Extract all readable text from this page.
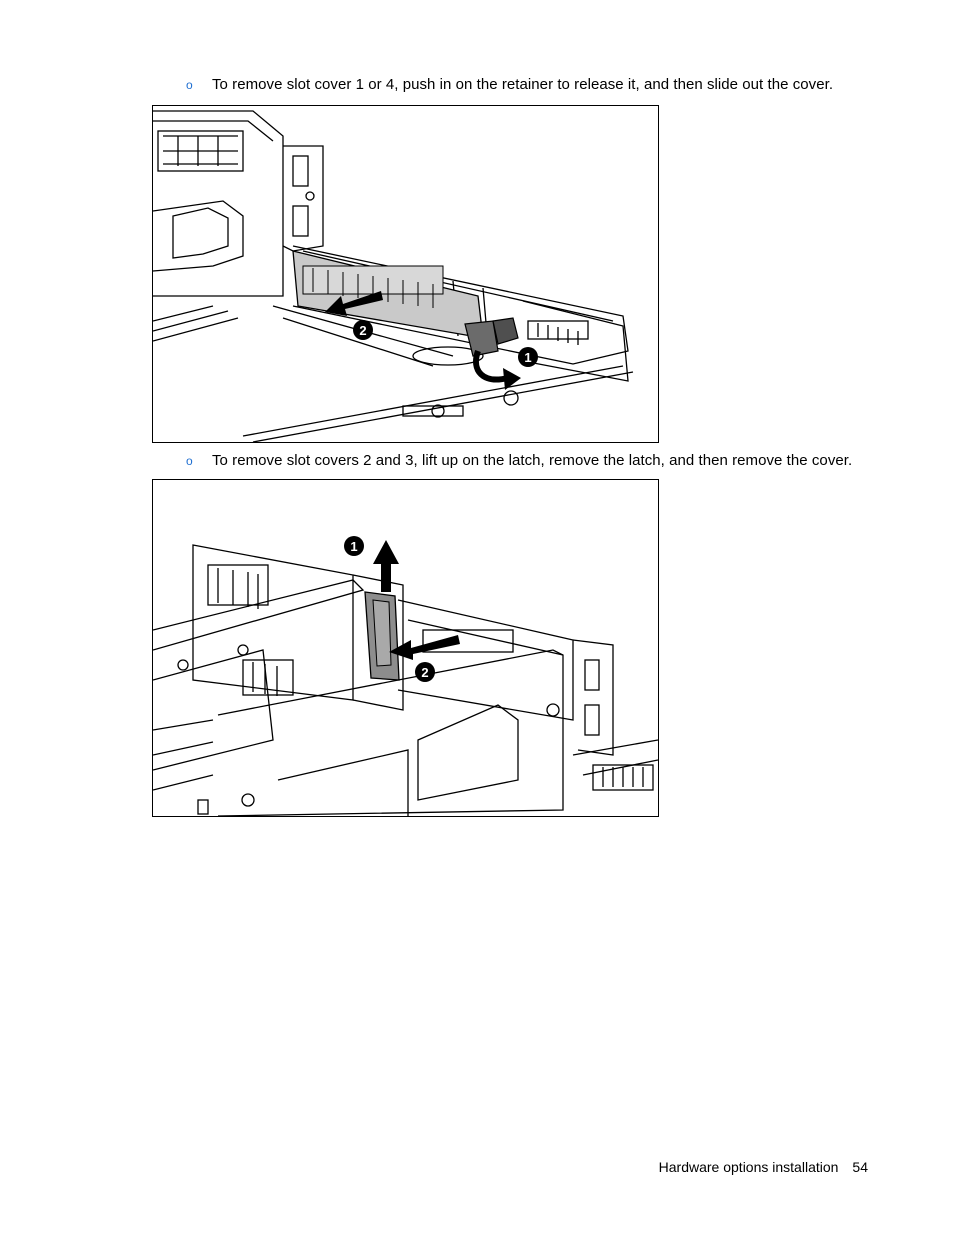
o	To remove slot cover 1 or 4, push in on the retainer to release it, and then slide out the cover.
1
2
o	To remove slot covers 2 and 3, lift up on the latch, remove the latch, and then remove the cover.
1
2
Hardware options installation 54
